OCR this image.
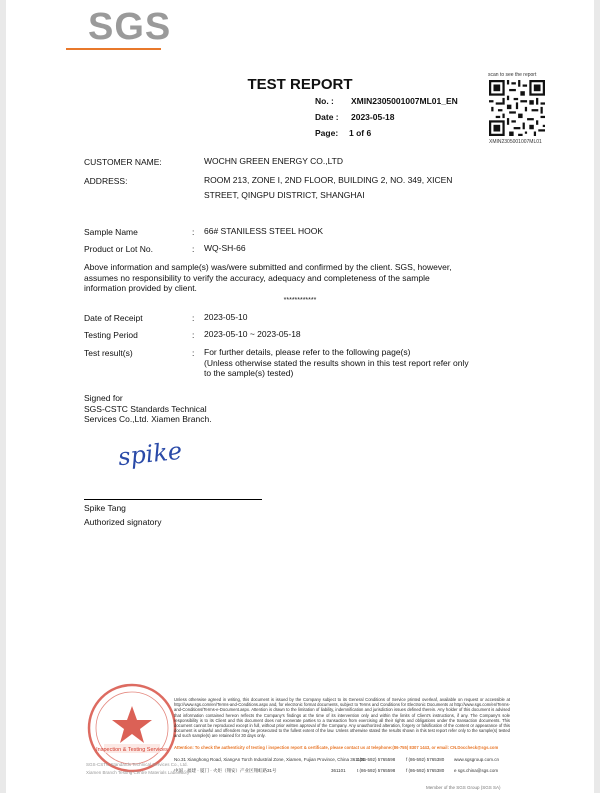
SGS
TEST REPORT
No. : XMIN2305001007ML01_EN
Date : 2023-05-18
Page: 1 of 6
scan to see the report
XMIN2305001007ML01
CUSTOMER NAME:	WOCHN GREEN ENERGY CO.,LTD
ADDRESS:	ROOM 213, ZONE I, 2ND FLOOR, BUILDING 2, NO. 349, XICEN
STREET, QINGPU DISTRICT, SHANGHAI
Sample Name	: 66# STANILESS STEEL HOOK
Product or Lot No.	: WQ-SH-66
Above information and sample(s) was/were submitted and confirmed by the client. SGS, however,
assumes no responsibility to verify the accuracy, adequacy and completeness of the sample
information provided by client.
************
Date of Receipt	: 2023-05-10
Testing Period	: 2023-05-10 ~ 2023-05-18
Test result(s)	: For further details, please refer to the following page(s)
(Unless otherwise stated the results shown in this test report refer only
to the sample(s) tested)
Signed for
SGS-CSTC Standards Technical
Services Co.,Ltd. Xiamen Branch.
spike
Spike Tang
Authorized signatory
Inspection & Testing Services
Unless otherwise agreed in writing, this document is issued by the Company subject to its General Conditions of Service printed overleaf, available on request or accessible at http://www.sgs.com/en/Terms-and-Conditions.aspx and, for electronic format documents, subject to Terms and Conditions for Electronic Documents at http://www.sgs.com/en/Terms-and-Conditions/Terms-e-Document.aspx. Attention is drawn to the limitation of liability, indemnification and jurisdiction issues defined therein. Any holder of this document is advised that information contained hereon reflects the Company's findings at the time of its intervention only and within the limits of Client's instructions, if any. The Company's sole responsibility is to its Client and this document does not exonerate parties to a transaction from exercising all their rights and obligations under the transaction documents. This document cannot be reproduced except in full, without prior written approval of the Company. Any unauthorized alteration, forgery or falsification of the content or appearance of this document is unlawful and offenders may be prosecuted to the fullest extent of the law. Unless otherwise stated the results shown in this test report refer only to the sample(s) tested and such sample(s) are retained for 30 days only.
Attention: To check the authenticity of testing / inspection report & certificate, please contact us at telephone:(86-755) 8307 1443, or email: CN.Doccheck@sgs.com
No.31 Xianghong Road, XiangAn Torch Industrial Zone, Xiamen, Fujian Province, China 361101
t (86-592) 5765598 f (86-592) 5765380 www.sgsgroup.com.cn
中国 · 福建 · 厦门 · 火炬（翔安）产业区翔虹路31号	361101	t (86-592) 5765598 f (86-592) 5765380 e sgs.china@sgs.com
SGS-CSTC Standards Technical Services Co., Ltd.
Xiamen Branch Testing Centre Materials Laboratory
Member of the SGS Group (SGS SA)
